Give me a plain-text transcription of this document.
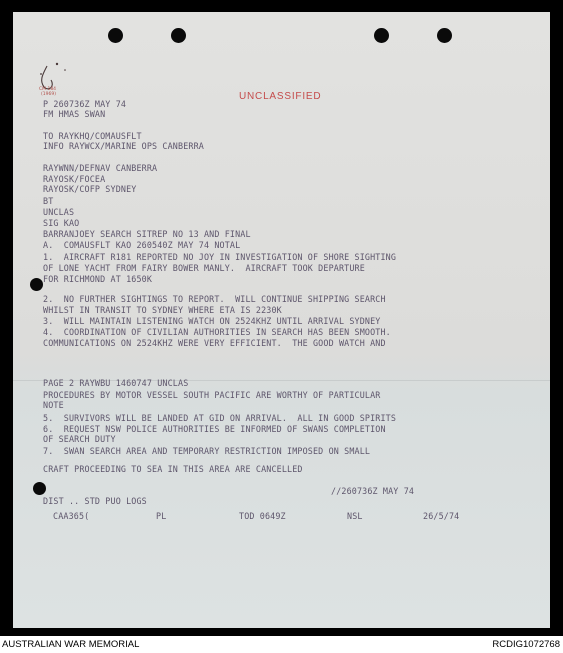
CM 184
(1969)	UNCLASSIFIED
P 260736Z MAY 74
FM HMAS SWAN
TO RAYKHQ/COMAUSFLT
INFO RAYWCX/MARINE OPS CANBERRA
RAYWNN/DEFNAV CANBERRA
RAYOSK/FOCEA
RAYOSK/COFP SYDNEY
BT
UNCLAS
SIG KAO
BARRANJOEY SEARCH SITREP NO 13 AND FINAL
A.  COMAUSFLT KAO 260540Z MAY 74 NOTAL
1.  AIRCRAFT R181 REPORTED NO JOY IN INVESTIGATION OF SHORE SIGHTING
OF LONE YACHT FROM FAIRY BOWER MANLY.  AIRCRAFT TOOK DEPARTURE
FOR RICHMOND AT 1650K
2.  NO FURTHER SIGHTINGS TO REPORT.  WILL CONTINUE SHIPPING SEARCH
WHILST IN TRANSIT TO SYDNEY WHERE ETA IS 2230K
3.  WILL MAINTAIN LISTENING WATCH ON 2524KHZ UNTIL ARRIVAL SYDNEY
4.  COORDINATION OF CIVILIAN AUTHORITIES IN SEARCH HAS BEEN SMOOTH.
COMMUNICATIONS ON 2524KHZ WERE VERY EFFICIENT.  THE GOOD WATCH AND
PAGE 2 RAYWBU 1460747 UNCLAS
PROCEDURES BY MOTOR VESSEL SOUTH PACIFIC ARE WORTHY OF PARTICULAR
NOTE
5.  SURVIVORS WILL BE LANDED AT GID ON ARRIVAL.  ALL IN GOOD SPIRITS
6.  REQUEST NSW POLICE AUTHORITIES BE INFORMED OF SWANS COMPLETION
OF SEARCH DUTY
7.  SWAN SEARCH AREA AND TEMPORARY RESTRICTION IMPOSED ON SMALL
CRAFT PROCEEDING TO SEA IN THIS AREA ARE CANCELLED
//260736Z MAY 74
DIST .. STD PUO LOGS
CAA365(	PL	TOD 0649Z	NSL	26/5/74
AUSTRALIAN WAR MEMORIAL	RCDIG1072768
